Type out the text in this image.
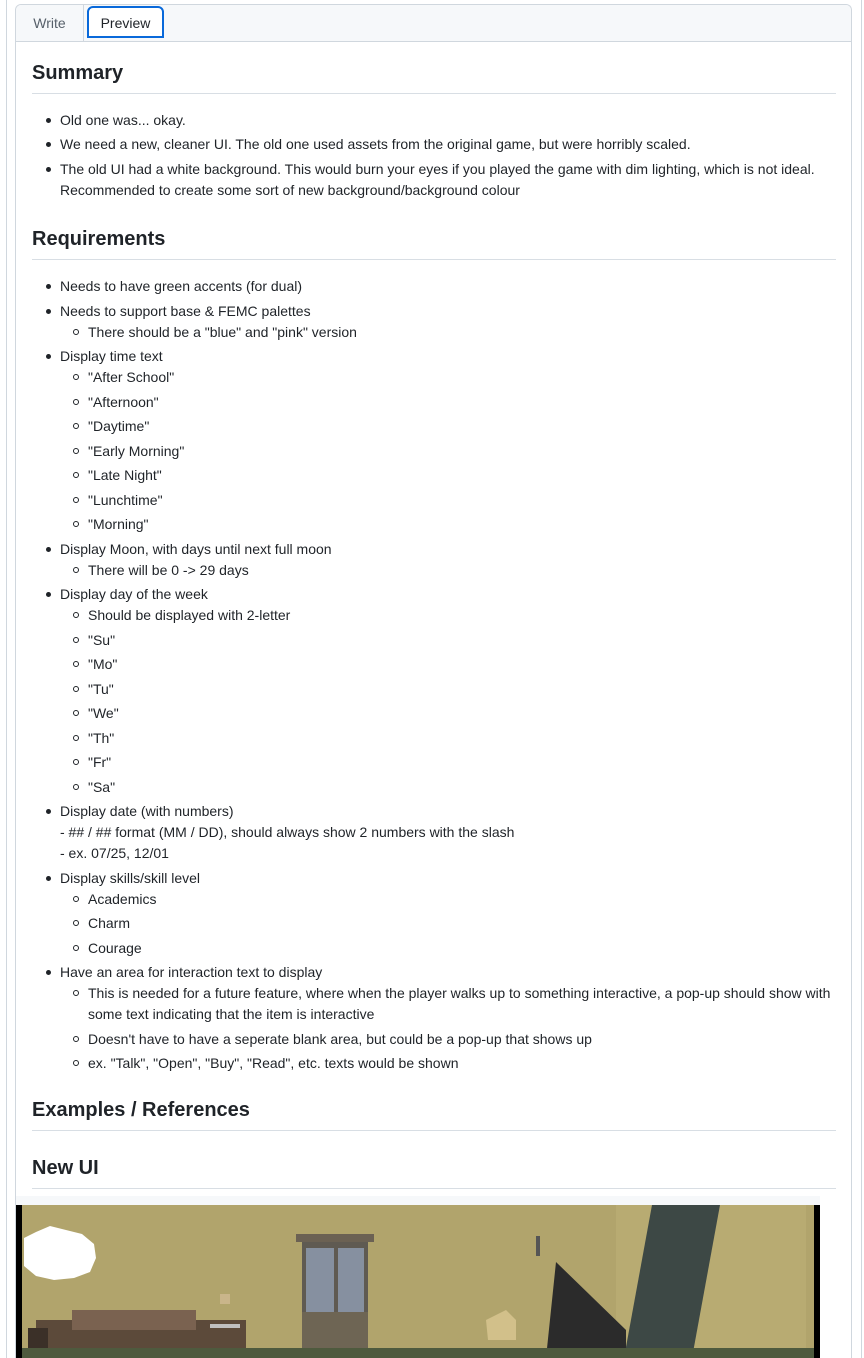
Write	Preview
Summary
Old one was... okay.
We need a new, cleaner UI. The old one used assets from the original game, but were horribly scaled.
The old UI had a white background. This would burn your eyes if you played the game with dim lighting, which is not ideal. Recommended to create some sort of new background/background colour
Requirements
Needs to have green accents (for dual)
Needs to support base & FEMC palettes
There should be a "blue" and "pink" version
Display time text
"After School"
"Afternoon"
"Daytime"
"Early Morning"
"Late Night"
"Lunchtime"
"Morning"
Display Moon, with days until next full moon
There will be 0 -> 29 days
Display day of the week
Should be displayed with 2-letter
"Su"
"Mo"
"Tu"
"We"
"Th"
"Fr"
"Sa"
Display date (with numbers)
- ## / ## format (MM / DD), should always show 2 numbers with the slash
- ex. 07/25, 12/01
Display skills/skill level
Academics
Charm
Courage
Have an area for interaction text to display
This is needed for a future feature, where when the player walks up to something interactive, a pop-up should show with some text indicating that the item is interactive
Doesn't have to have a seperate blank area, but could be a pop-up that shows up
ex. "Talk", "Open", "Buy", "Read", etc. texts would be shown
Examples / References
New UI
